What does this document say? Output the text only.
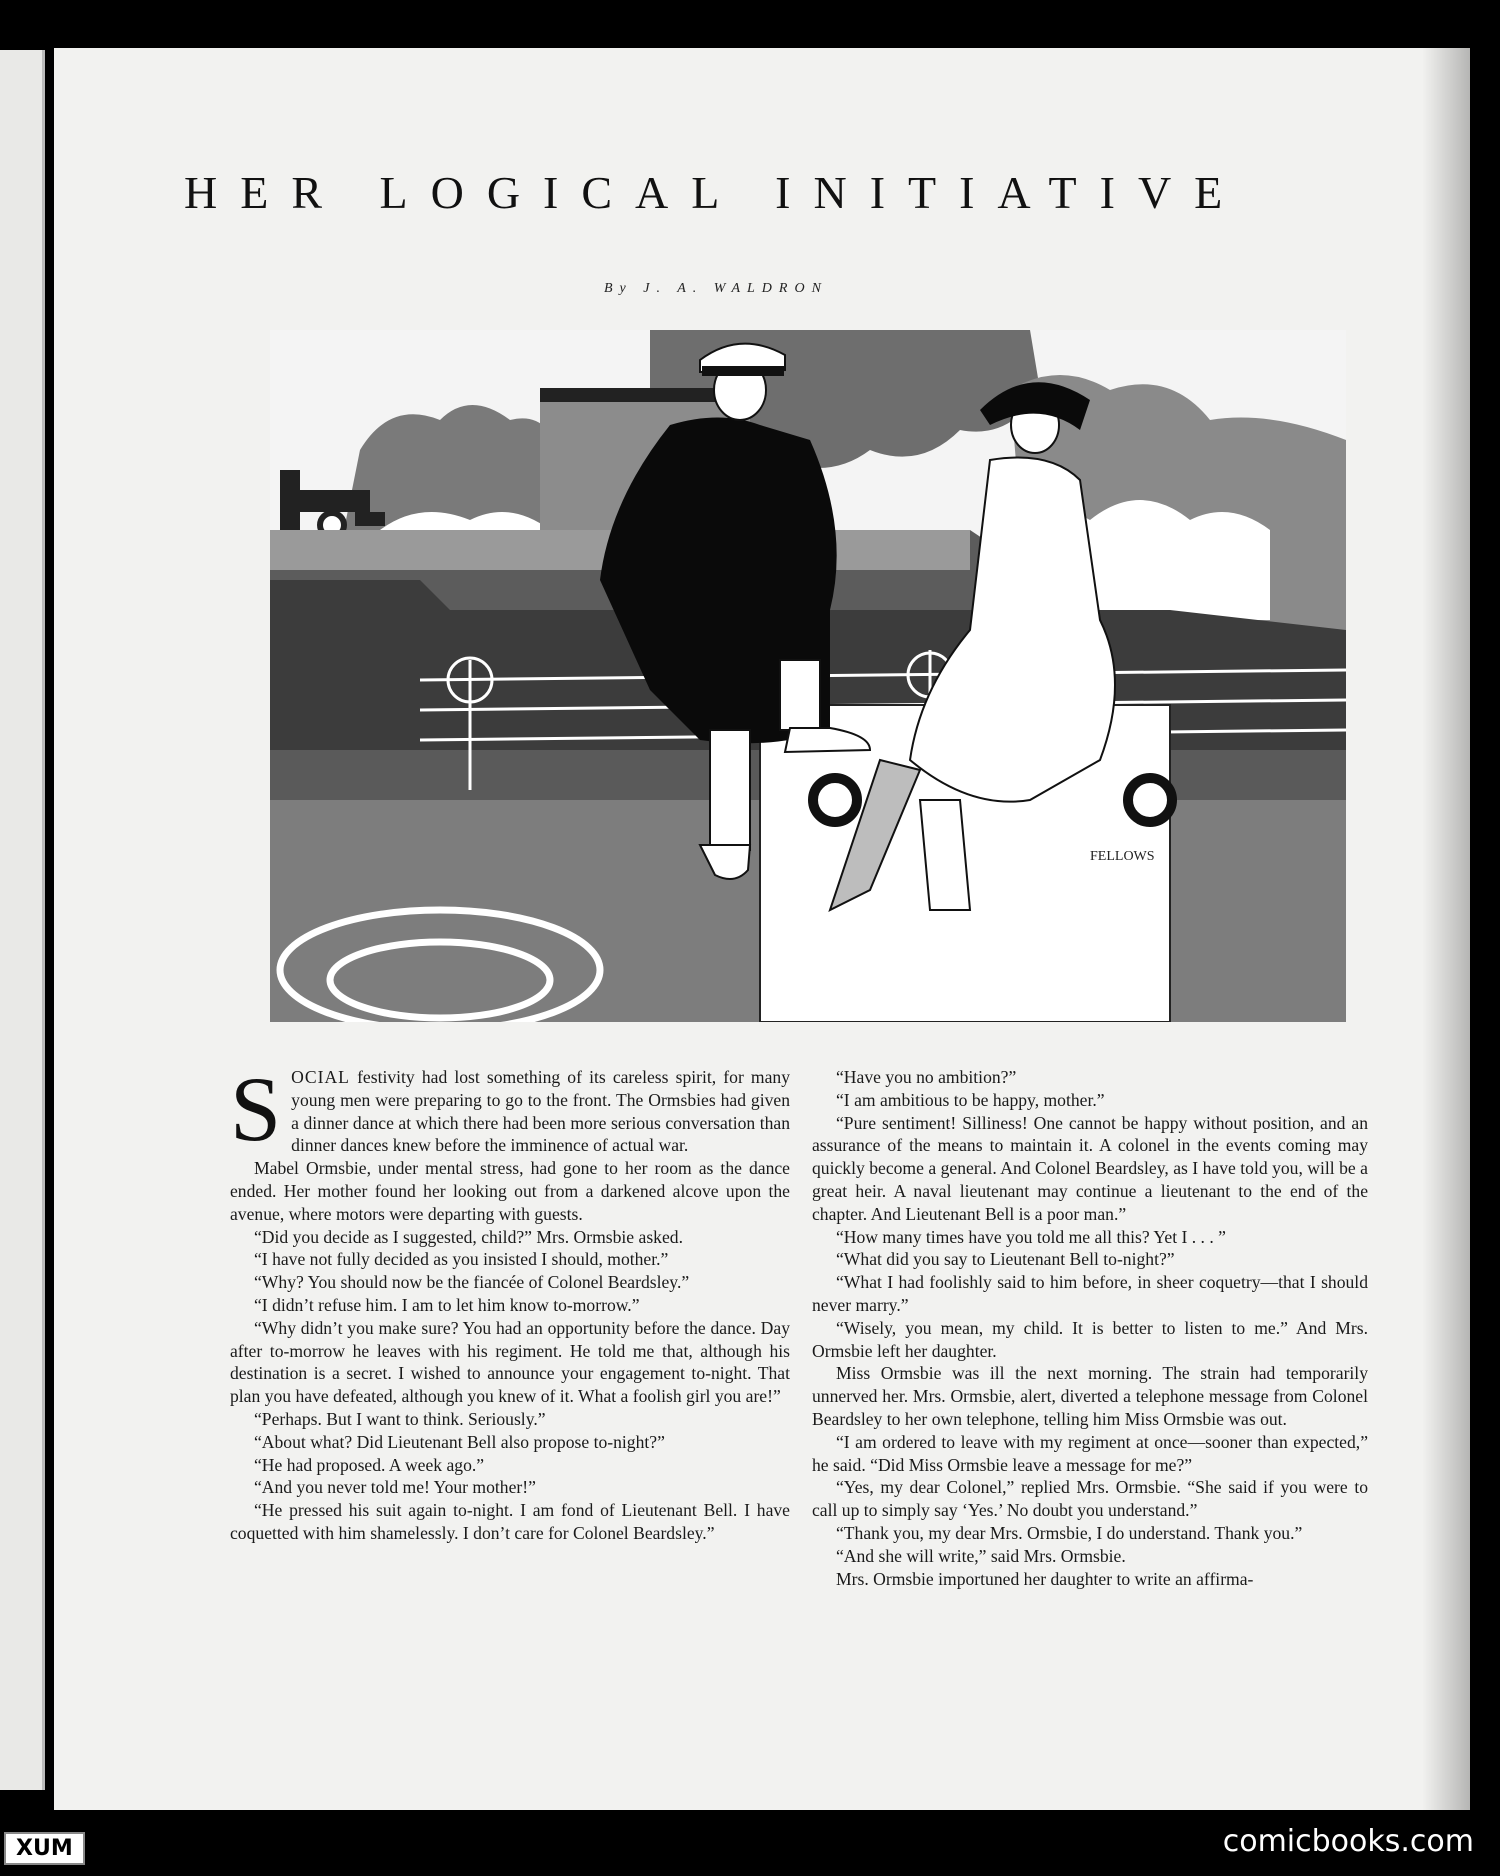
HER LOGICAL INITIATIVE
By J. A. WALDRON
FELLOWS

SOCIAL festivity had lost something of its careless spirit, for many young men were preparing to go to the front. The Ormsbies had given a dinner dance at which there had been more serious conversation than dinner dances knew before the imminence of actual war.

Mabel Ormsbie, under mental stress, had gone to her room as the dance ended. Her mother found her looking out from a darkened alcove upon the avenue, where motors were departing with guests.

“Did you decide as I suggested, child?” Mrs. Ormsbie asked.

“I have not fully decided as you insisted I should, mother.”

“Why? You should now be the fiancée of Colonel Beardsley.”

“I didn’t refuse him. I am to let him know to-morrow.”

“Why didn’t you make sure? You had an opportunity before the dance. Day after to-morrow he leaves with his regiment. He told me that, although his destination is a secret. I wished to announce your engagement to-night. That plan you have defeated, although you knew of it. What a foolish girl you are!”

“Perhaps. But I want to think. Seriously.”

“About what? Did Lieutenant Bell also propose to-night?”

“He had proposed. A week ago.”

“And you never told me! Your mother!”

“He pressed his suit again to-night. I am fond of Lieutenant Bell. I have coquetted with him shamelessly. I don’t care for Colonel Beardsley.”

“Have you no ambition?”

“I am ambitious to be happy, mother.”

“Pure sentiment! Silliness! One cannot be happy without position, and an assurance of the means to maintain it. A colonel in the events coming may quickly become a general. And Colonel Beardsley, as I have told you, will be a great heir. A naval lieutenant may continue a lieutenant to the end of the chapter. And Lieutenant Bell is a poor man.”

“How many times have you told me all this? Yet I . . . ”

“What did you say to Lieutenant Bell to-night?”

“What I had foolishly said to him before, in sheer coquetry—that I should never marry.”

“Wisely, you mean, my child. It is better to listen to me.” And Mrs. Ormsbie left her daughter.

Miss Ormsbie was ill the next morning. The strain had temporarily unnerved her. Mrs. Ormsbie, alert, diverted a telephone message from Colonel Beardsley to her own telephone, telling him Miss Ormsbie was out.

“I am ordered to leave with my regiment at once—sooner than expected,” he said. “Did Miss Ormsbie leave a message for me?”

“Yes, my dear Colonel,” replied Mrs. Ormsbie. “She said if you were to call up to simply say ‘Yes.’ No doubt you understand.”

“Thank you, my dear Mrs. Ormsbie, I do understand. Thank you.”

“And she will write,” said Mrs. Ormsbie.

Mrs. Ormsbie importuned her daughter to write an affirma-

XUM	comicbooks.com
